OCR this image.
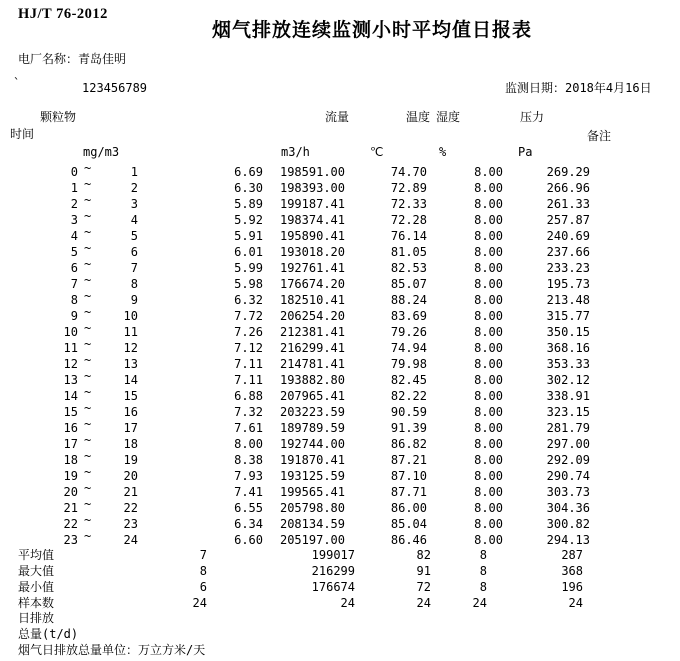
HJ/T 76-2012
烟气排放连续监测小时平均值日报表
电厂名称：青岛佳明
`	123456789	监测日期：2018年4月16日
颗粒物	流量	温度 湿度	压力
时间	备注
mg/m3	m3/h	℃	%	Pa
0 ~	1	6.69	198591.00	74.70	8.00	269.29
1 ~	2	6.30	198393.00	72.89	8.00	266.96
2 ~	3	5.89	199187.41	72.33	8.00	261.33
3 ~	4	5.92	198374.41	72.28	8.00	257.87
4 ~	5	5.91	195890.41	76.14	8.00	240.69
5 ~	6	6.01	193018.20	81.05	8.00	237.66
6 ~	7	5.99	192761.41	82.53	8.00	233.23
7 ~	8	5.98	176674.20	85.07	8.00	195.73
8 ~	9	6.32	182510.41	88.24	8.00	213.48
9 ~	10	7.72	206254.20	83.69	8.00	315.77
10 ~	11	7.26	212381.41	79.26	8.00	350.15
11 ~	12	7.12	216299.41	74.94	8.00	368.16
12 ~	13	7.11	214781.41	79.98	8.00	353.33
13 ~	14	7.11	193882.80	82.45	8.00	302.12
14 ~	15	6.88	207965.41	82.22	8.00	338.91
15 ~	16	7.32	203223.59	90.59	8.00	323.15
16 ~	17	7.61	189789.59	91.39	8.00	281.79
17 ~	18	8.00	192744.00	86.82	8.00	297.00
18 ~	19	8.38	191870.41	87.21	8.00	292.09
19 ~	20	7.93	193125.59	87.10	8.00	290.74
20 ~	21	7.41	199565.41	87.71	8.00	303.73
21 ~	22	6.55	205798.80	86.00	8.00	304.36
22 ~	23	6.34	208134.59	85.04	8.00	300.82
23 ~	24	6.60	205197.00	86.46	8.00	294.13
平均值	7	199017	82	8	287
最大值	8	216299	91	8	368
最小值	6	176674	72	8	196
样本数	24	24	24	24	24
日排放
总量(t/d)
烟气日排放总量单位：万立方米/天
